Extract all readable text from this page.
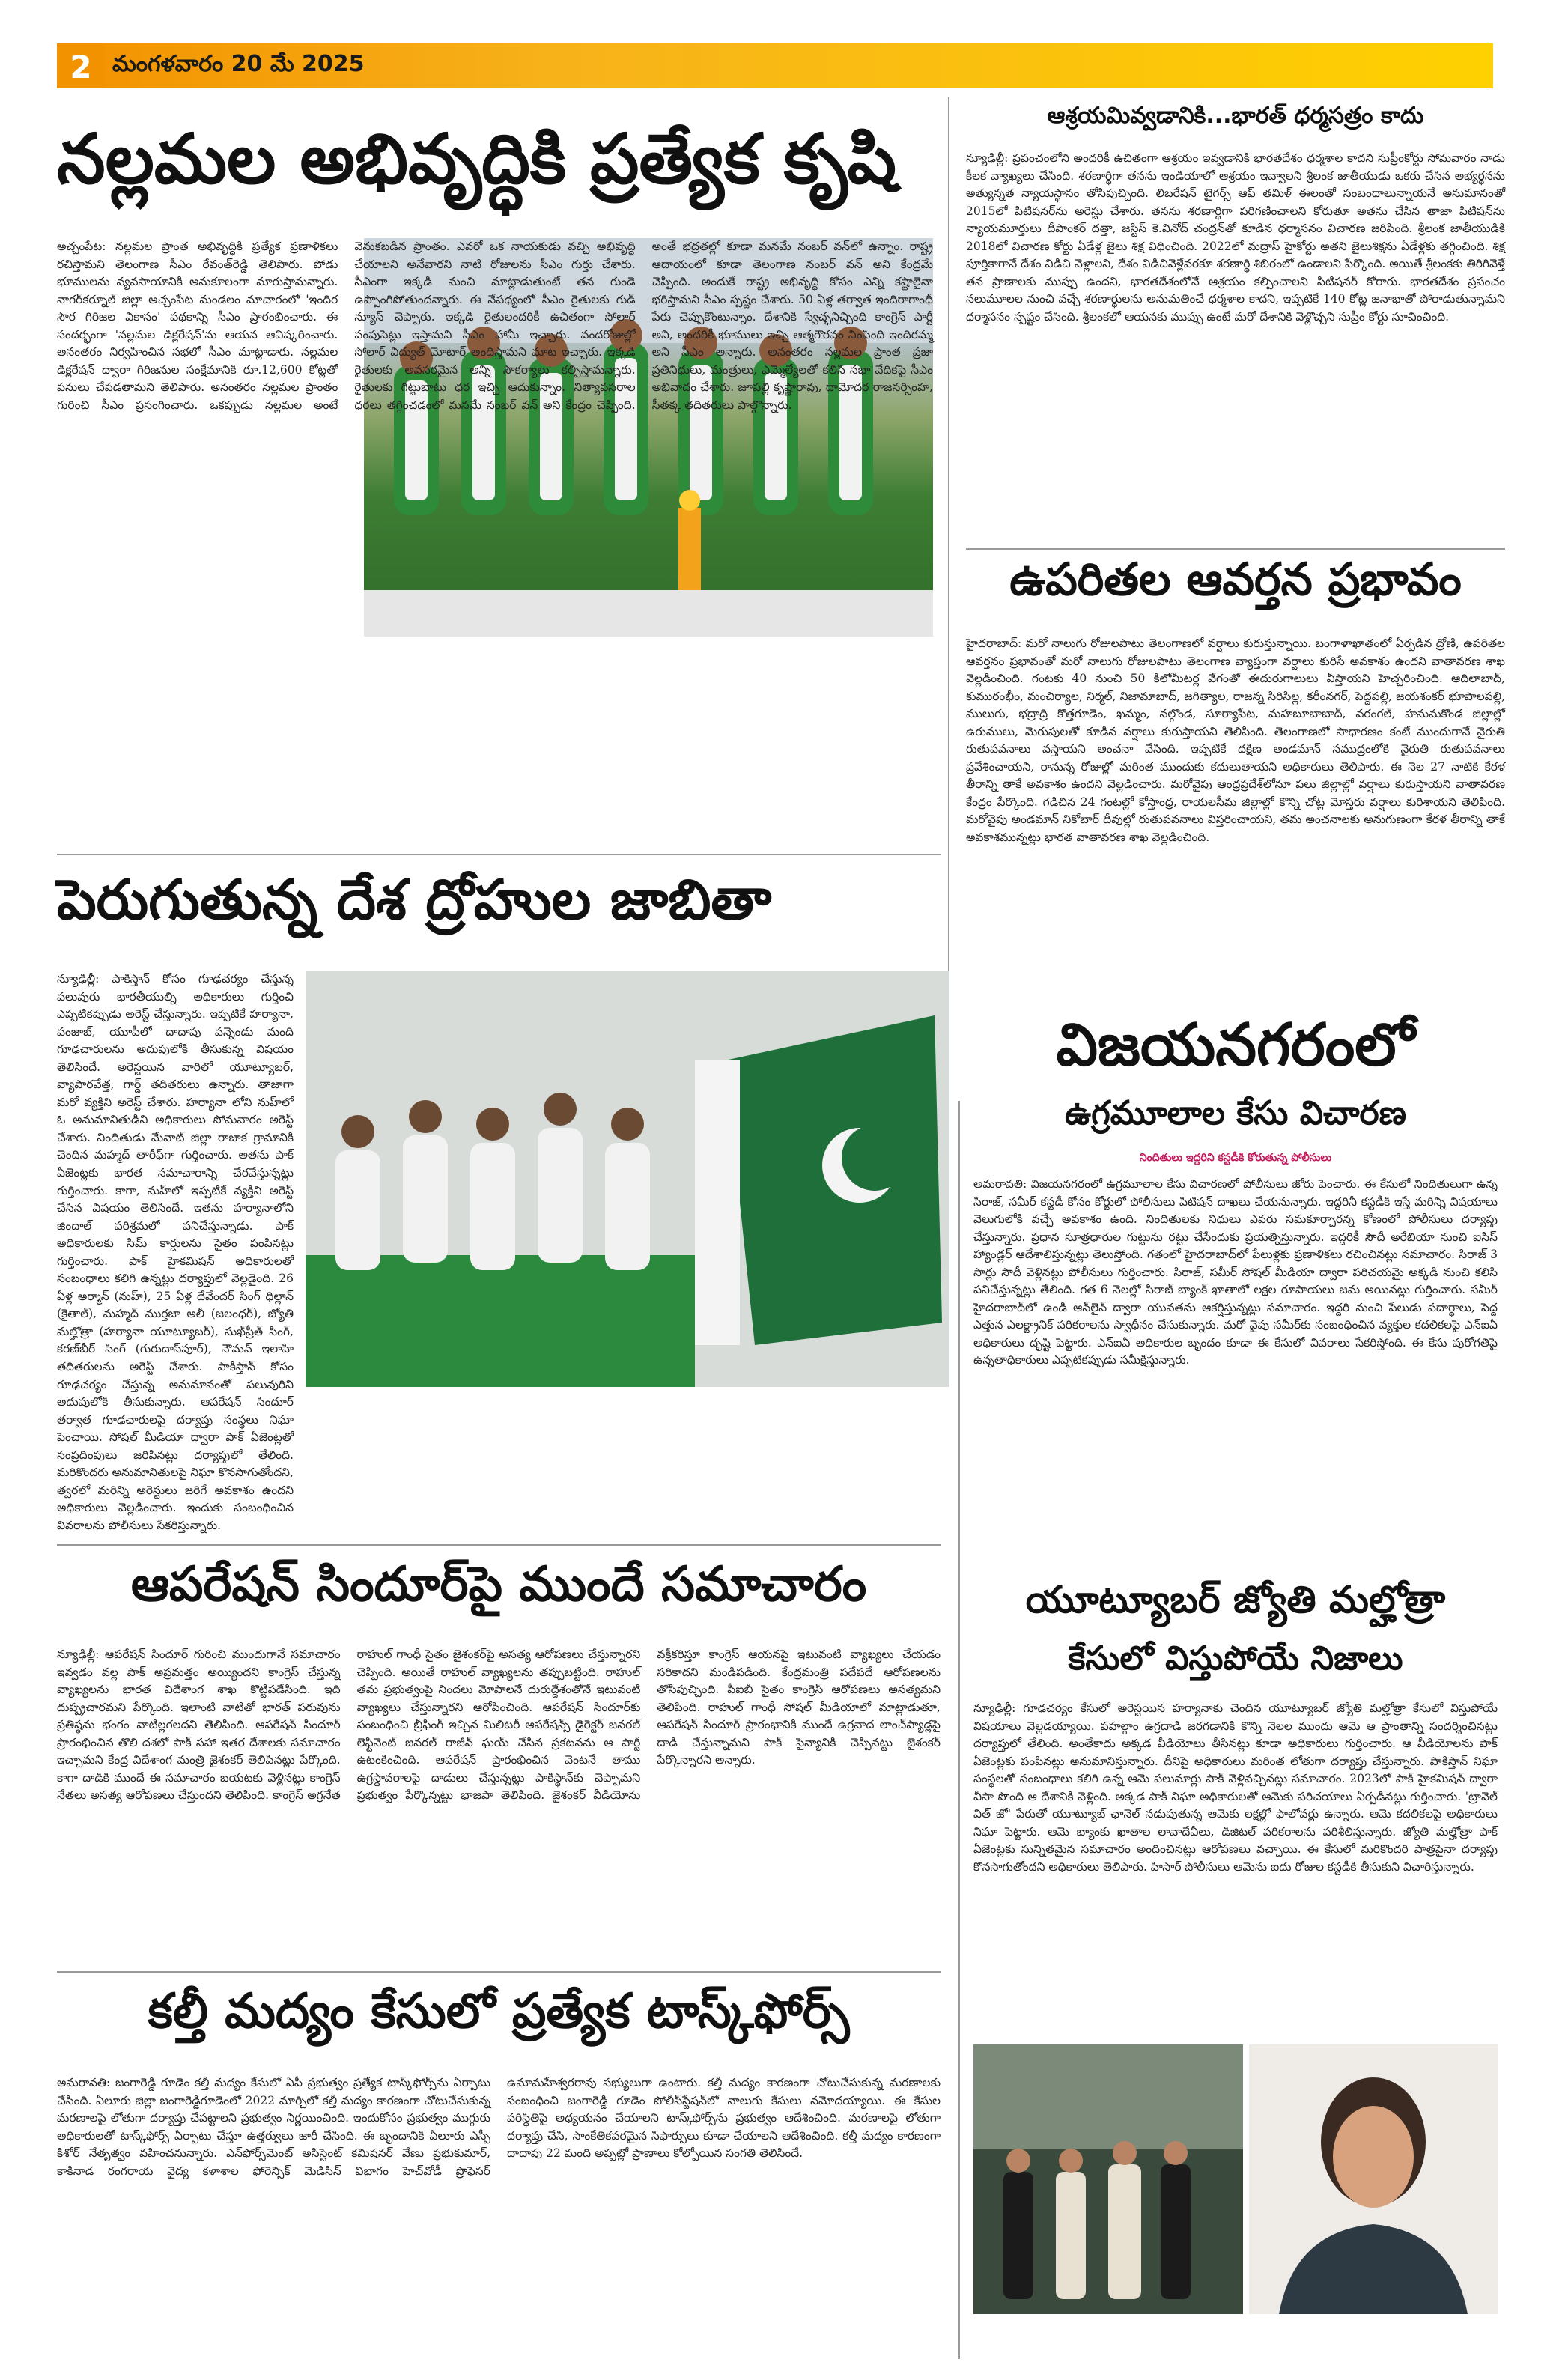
2 మంగళవారం 20 మే 2025
నల్లమల అభివృద్ధికి ప్రత్యేక కృషి
అచ్చంపేట: నల్లమల ప్రాంత అభివృద్ధికి ప్రత్యేక ప్రణాళికలు రచిస్తామని తెలంగాణ సీఎం రేవంత్‌రెడ్డి తెలిపారు. పోడు భూములను వ్యవసాయానికి అనుకూలంగా మారుస్తామన్నారు. నాగర్‌కర్నూల్ జిల్లా అచ్చంపేట మండలం మాచారంలో 'ఇందిర సౌర గిరిజల వికాసం' పథకాన్ని సీఎం ప్రారంభించారు. ఈ సందర్భంగా 'నల్లమల డిక్లరేషన్'ను ఆయన ఆవిష్కరించారు. అనంతరం నిర్వహించిన సభలో సీఎం మాట్లాడారు. నల్లమల డిక్లరేషన్ ద్వారా గిరిజనుల సంక్షేమానికి రూ.12,600 కోట్లతో పనులు చేపడతామని తెలిపారు. అనంతరం నల్లమల ప్రాంతం గురించి సీఎం ప్రసంగించారు. ఒకప్పుడు నల్లమల అంటే వెనుకబడిన ప్రాంతం. ఎవరో ఒక నాయకుడు వచ్చి అభివృద్ధి చేయాలని అనేవారని నాటి రోజులను సీఎం గుర్తు చేశారు. సీఎంగా ఇక్కడి నుంచి మాట్లాడుతుంటే తన గుండె ఉప్పొంగిపోతుందన్నారు. ఈ నేపథ్యంలో సీఎం రైతులకు గుడ్ న్యూస్ చెప్పారు. ఇక్కడి రైతులందరికీ ఉచితంగా సోలార్ పంపుసెట్లు ఇస్తామని సీఎం హామీ ఇచ్చారు. వందరోజుల్లో సోలార్ విద్యుత్ మోటార్ అందిస్తామని మాట ఇచ్చారు. ఇక్కడి రైతులకు అవసరమైన అన్ని సౌకర్యాలు కల్పిస్తామన్నారు. రైతులకు గిట్టుబాటు ధర ఇచ్చి ఆదుకున్నాం. నిత్యావసరాల ధరలు తగ్గించడంలో మనమే నంబర్ వన్ అని కేంద్రం చెప్పింది. అంతే భద్రతల్లో కూడా మనమే నంబర్ వన్‌లో ఉన్నాం. రాష్ట్ర ఆదాయంలో కూడా తెలంగాణ నంబర్ వన్ అని కేంద్రమే చెప్పింది. అందుకే రాష్ట్ర అభివృద్ధి కోసం ఎన్ని కష్టాలైనా భరిస్తామని సీఎం స్పష్టం చేశారు. 50 ఏళ్ల తర్వాత ఇందిరాగాంధీ పేరు చెప్పుకొంటున్నాం. దేశానికి స్వేచ్ఛనిచ్చింది కాంగ్రెస్ పార్టీ అని, అందరికీ భూములు ఇచ్చి ఆత్మగౌరవం నింపింది ఇందిరమ్మ అని సీఎం అన్నారు. అనంతరం నల్లమల ప్రాంత ప్రజా ప్రతినిధులు, మంత్రులు, ఎమ్మెల్యేలతో కలిసి సభా వేదికపై సీఎం అభివాదం చేశారు. జూపల్లి కృష్ణారావు, దామోదర రాజనర్సింహ, సీతక్క తదితరులు పాల్గొన్నారు.
ఆశ్రయమివ్వడానికి...భారత్ ధర్మసత్రం కాదు
న్యూఢిల్లీ: ప్రపంచంలోని అందరికీ ఉచితంగా ఆశ్రయం ఇవ్వడానికి భారతదేశం ధర్మశాల కాదని సుప్రీంకోర్టు సోమవారం నాడు కీలక వ్యాఖ్యలు చేసింది. శరణార్థిగా తనను ఇండియాలో ఆశ్రయం ఇవ్వాలని శ్రీలంక జాతీయుడు ఒకరు చేసిన అభ్యర్థనను అత్యున్నత న్యాయస్థానం తోసిపుచ్చింది. లిబరేషన్ టైగర్స్ ఆఫ్ తమిళ్ ఈలంతో సంబంధాలున్నాయనే అనుమానంతో 2015లో పిటిషనర్‌ను అరెస్టు చేశారు. తనను శరణార్థిగా పరిగణించాలని కోరుతూ అతను చేసిన తాజా పిటిషన్‌ను న్యాయమూర్తులు దీపాంకర్ దత్తా, జస్టిస్ కె.వినోద్ చంద్రన్‌తో కూడిన ధర్మాసనం విచారణ జరిపింది. శ్రీలంక జాతీయుడికి 2018లో విచారణ కోర్టు ఏడేళ్ల జైలు శిక్ష విధించింది. 2022లో మద్రాస్ హైకోర్టు అతని జైలుశిక్షను ఏడేళ్లకు తగ్గించింది. శిక్ష పూర్తికాగానే దేశం విడిచి వెళ్లాలని, దేశం విడిచివెళ్లేవరకూ శరణార్థి శిబిరంలో ఉండాలని పేర్కొంది. అయితే శ్రీలంకకు తిరిగివెళ్తే తన ప్రాణాలకు ముప్పు ఉందని, భారతదేశంలోనే ఆశ్రయం కల్పించాలని పిటిషనర్ కోరారు. భారతదేశం ప్రపంచం నలుమూలల నుంచి వచ్చే శరణార్థులను అనుమతించే ధర్మశాల కాదని, ఇప్పటికే 140 కోట్ల జనాభాతో పోరాడుతున్నామని ధర్మాసనం స్పష్టం చేసింది. శ్రీలంకలో ఆయనకు ముప్పు ఉంటే మరో దేశానికి వెళ్లొచ్చని సుప్రీం కోర్టు సూచించింది.
ఉపరితల ఆవర్తన ప్రభావం
హైదరాబాద్: మరో నాలుగు రోజులపాటు తెలంగాణలో వర్షాలు కురుస్తున్నాయి. బంగాళాఖాతంలో ఏర్పడిన ద్రోణి, ఉపరితల ఆవర్తనం ప్రభావంతో మరో నాలుగు రోజులపాటు తెలంగాణ వ్యాప్తంగా వర్షాలు కురిసే అవకాశం ఉందని వాతావరణ శాఖ వెల్లడించింది. గంటకు 40 నుంచి 50 కిలోమీటర్ల వేగంతో ఈదురుగాలులు వీస్తాయని హెచ్చరించింది. ఆదిలాబాద్, కుమురంభీం, మంచిర్యాల, నిర్మల్, నిజామాబాద్, జగిత్యాల, రాజన్న సిరిసిల్ల, కరీంనగర్, పెద్దపల్లి, జయశంకర్ భూపాలపల్లి, ములుగు, భద్రాద్రి కొత్తగూడెం, ఖమ్మం, నల్గొండ, సూర్యాపేట, మహబూబాబాద్, వరంగల్, హనుమకొండ జిల్లాల్లో ఉరుములు, మెరుపులతో కూడిన వర్షాలు కురుస్తాయని తెలిపింది. తెలంగాణలో సాధారణం కంటే ముందుగానే నైరుతి రుతుపవనాలు వస్తాయని అంచనా వేసింది. ఇప్పటికే దక్షిణ అండమాన్ సముద్రంలోకి నైరుతి రుతుపవనాలు ప్రవేశించాయని, రానున్న రోజుల్లో మరింత ముందుకు కదులుతాయని అధికారులు తెలిపారు. ఈ నెల 27 నాటికి కేరళ తీరాన్ని తాకే అవకాశం ఉందని వెల్లడించారు. మరోవైపు ఆంధ్రప్రదేశ్‌లోనూ పలు జిల్లాల్లో వర్షాలు కురుస్తాయని వాతావరణ కేంద్రం పేర్కొంది. గడిచిన 24 గంటల్లో కోస్తాంధ్ర, రాయలసీమ జిల్లాల్లో కొన్ని చోట్ల మోస్తరు వర్షాలు కురిశాయని తెలిపింది. మరోవైపు అండమాన్ నికోబార్ దీవుల్లో రుతుపవనాలు విస్తరించాయని, తమ అంచనాలకు అనుగుణంగా కేరళ తీరాన్ని తాకే అవకాశమున్నట్లు భారత వాతావరణ శాఖ వెల్లడించింది.
పెరుగుతున్న దేశ ద్రోహుల జాబితా
న్యూఢిల్లీ: పాకిస్తాన్ కోసం గూఢచర్యం చేస్తున్న పలువురు భారతీయుల్ని అధికారులు గుర్తించి ఎప్పటికప్పుడు అరెస్ట్ చేస్తున్నారు. ఇప్పటికే హర్యానా, పంజాబ్, యూపీలో దాదాపు పన్నెండు మంది గూఢచారులను అదుపులోకి తీసుకున్న విషయం తెలిసిందే. అరెస్టయిన వారిలో యూట్యూబర్, వ్యాపారవేత్త, గార్డ్ తదితరులు ఉన్నారు. తాజాగా మరో వ్యక్తిని అరెస్ట్ చేశారు. హర్యానా లోని నుహ్‌లో ఓ అనుమానితుడిని అధికారులు సోమవారం అరెస్ట్ చేశారు. నిందితుడు మేవాట్ జిల్లా రాజాక గ్రామానికి చెందిన మహ్మద్ తారీఫ్‌గా గుర్తించారు. అతను పాక్ ఏజెంట్లకు భారత సమాచారాన్ని చేరవేస్తున్నట్లు గుర్తించారు. కాగా, నుహ్‌లో ఇప్పటికే వ్యక్తిని అరెస్ట్ చేసిన విషయం తెలిసిందే. ఇతను హర్యానాలోని జిందాల్ పరిశ్రమలో పనిచేస్తున్నాడు. పాక్ అధికారులకు సిమ్ కార్డులను సైతం పంపినట్లు గుర్తించారు. పాక్ హైకమిషన్ అధికారులతో సంబంధాలు కలిగి ఉన్నట్లు దర్యాప్తులో వెల్లడైంది. 26 ఏళ్ల అర్మాన్ (నుహ్), 25 ఏళ్ల దేవేందర్ సింగ్ ధిల్లాన్ (కైతాల్), మహ్మద్ ముర్తజా అలీ (జలంధర్), జ్యోతి మల్హోత్రా (హర్యానా యూట్యూబర్), సుఖ్‌ప్రీత్ సింగ్, కరణ్‌బీర్ సింగ్ (గురుదాస్‌పూర్), నౌమన్ ఇలాహి తదితరులను అరెస్ట్ చేశారు. పాకిస్తాన్ కోసం గూఢచర్యం చేస్తున్న అనుమానంతో పలువురిని అదుపులోకి తీసుకున్నారు. ఆపరేషన్ సిందూర్ తర్వాత గూఢచారులపై దర్యాప్తు సంస్థలు నిఘా పెంచాయి. సోషల్ మీడియా ద్వారా పాక్ ఏజెంట్లతో సంప్రదింపులు జరిపినట్లు దర్యాప్తులో తేలింది. మరికొందరు అనుమానితులపై నిఘా కొనసాగుతోందని, త్వరలో మరిన్ని అరెస్టులు జరిగే అవకాశం ఉందని అధికారులు వెల్లడించారు. ఇందుకు సంబంధించిన వివరాలను పోలీసులు సేకరిస్తున్నారు.
విజయనగరంలో
ఉగ్రమూలాల కేసు విచారణ
నిందితులు ఇద్దరిని కస్టడీకి కోరుతున్న పోలీసులు
అమరావతి: విజయనగరంలో ఉగ్రమూలాల కేసు విచారణలో పోలీసులు జోరు పెంచారు. ఈ కేసులో నిందితులుగా ఉన్న సిరాజ్, సమీర్ కస్టడీ కోసం కోర్టులో పోలీసులు పిటిషన్ దాఖలు చేయనున్నారు. ఇద్దరినీ కస్టడీకి ఇస్తే మరిన్ని విషయాలు వెలుగులోకి వచ్చే అవకాశం ఉంది. నిందితులకు నిధులు ఎవరు సమకూర్చారన్న కోణంలో పోలీసులు దర్యాప్తు చేస్తున్నారు. ప్రధాన సూత్రధారుల గుట్టును రట్టు చేసేందుకు ప్రయత్నిస్తున్నారు. ఇద్దరికీ సౌదీ అరేబియా నుంచి ఐసిస్ హ్యాండ్లర్ ఆదేశాలిస్తున్నట్లు తెలుస్తోంది. గతంలో హైదరాబాద్‌లో పేలుళ్లకు ప్రణాళికలు రచించినట్లు సమాచారం. సిరాజ్ 3 సార్లు సౌదీ వెళ్లినట్లు పోలీసులు గుర్తించారు. సిరాజ్, సమీర్ సోషల్ మీడియా ద్వారా పరిచయమై అక్కడి నుంచి కలిసి పనిచేస్తున్నట్లు తేలింది. గత 6 నెలల్లో సిరాజ్ బ్యాంక్ ఖాతాలో లక్షల రూపాయలు జమ అయినట్లు గుర్తించారు. సమీర్ హైదరాబాద్‌లో ఉండి ఆన్‌లైన్ ద్వారా యువతను ఆకర్షిస్తున్నట్లు సమాచారం. ఇద్దరి నుంచి పేలుడు పదార్థాలు, పెద్ద ఎత్తున ఎలక్ట్రానిక్ పరికరాలను స్వాధీనం చేసుకున్నారు. మరో వైపు సమీర్‌కు సంబంధించిన వ్యక్తుల కదలికలపై ఎన్ఐఏ అధికారులు దృష్టి పెట్టారు. ఎన్ఐఏ అధికారుల బృందం కూడా ఈ కేసులో వివరాలు సేకరిస్తోంది. ఈ కేసు పురోగతిపై ఉన్నతాధికారులు ఎప్పటికప్పుడు సమీక్షిస్తున్నారు.
ఆపరేషన్ సిందూర్‌పై ముందే సమాచారం
న్యూఢిల్లీ: ఆపరేషన్ సిందూర్ గురించి ముందుగానే సమాచారం ఇవ్వడం వల్ల పాక్ అప్రమత్తం అయ్యిందని కాంగ్రెస్ చేస్తున్న వ్యాఖ్యలను భారత విదేశాంగ శాఖ కొట్టిపడేసింది. ఇది దుష్ప్రచారమని పేర్కొంది. ఇలాంటి వాటితో భారత్ పరువును ప్రతిష్ఠను భంగం వాటిల్లగలదని తెలిపింది. ఆపరేషన్ సిందూర్ ప్రారంభించిన తొలి దశలో పాక్ సహా ఇతర దేశాలకు సమాచారం ఇచ్చామని కేంద్ర విదేశాంగ మంత్రి జైశంకర్ తెలిపినట్లు పేర్కొంది. కాగా దాడికి ముందే ఈ సమాచారం బయటకు వెళ్లినట్లు కాంగ్రెస్ నేతలు అసత్య ఆరోపణలు చేస్తుందని తెలిపింది. కాంగ్రెస్ అగ్రనేత రాహుల్ గాంధీ సైతం జైశంకర్‌పై అసత్య ఆరోపణలు చేస్తున్నారని చెప్పింది. అయితే రాహుల్ వ్యాఖ్యలను తప్పుబట్టింది. రాహుల్ తమ ప్రభుత్వంపై నిందలు మోపాలనే దురుద్దేశంతోనే ఇటువంటి వ్యాఖ్యలు చేస్తున్నారని ఆరోపించింది. ఆపరేషన్ సిందూర్‌కు సంబంధించి బ్రీఫింగ్ ఇచ్చిన మిలిటరీ ఆపరేషన్స్ డైరెక్టర్ జనరల్ లెఫ్టినెంట్ జనరల్ రాజీవ్ ఘయ్ చేసిన ప్రకటనను ఆ పార్టీ ఉటంకించింది. ఆపరేషన్ ప్రారంభించిన వెంటనే తాము ఉగ్రస్థావరాలపై దాడులు చేస్తున్నట్లు పాకిస్థాన్‌కు చెప్పామని ప్రభుత్వం పేర్కొన్నట్టు భాజపా తెలిపింది. జైశంకర్ వీడియోను వక్రీకరిస్తూ కాంగ్రెస్ ఆయనపై ఇటువంటి వ్యాఖ్యలు చేయడం సరికాదని మండిపడింది. కేంద్రమంత్రి పదేపదే ఆరోపణలను తోసిపుచ్చింది. పీఐబీ సైతం కాంగ్రెస్ ఆరోపణలు అసత్యమని తెలిపింది. రాహుల్ గాంధీ సోషల్ మీడియాలో మాట్లాడుతూ, ఆపరేషన్ సిందూర్ ప్రారంభానికి ముందే ఉగ్రవాద లాంచ్‌ప్యాడ్లపై దాడి చేస్తున్నామని పాక్ సైన్యానికి చెప్పినట్టు జైశంకర్ పేర్కొన్నారని అన్నారు.
యూట్యూబర్ జ్యోతి మల్హోత్రా
కేసులో విస్తుపోయే నిజాలు
న్యూఢిల్లీ: గూఢచర్యం కేసులో అరెస్టయిన హర్యానాకు చెందిన యూట్యూబర్ జ్యోతి మల్హోత్రా కేసులో విస్తుపోయే విషయాలు వెల్లడయ్యాయి. పహల్గాం ఉగ్రదాడి జరగడానికి కొన్ని నెలల ముందు ఆమె ఆ ప్రాంతాన్ని సందర్శించినట్లు దర్యాప్తులో తేలింది. అంతేకాదు అక్కడ వీడియోలు తీసినట్లు కూడా అధికారులు గుర్తించారు. ఆ వీడియోలను పాక్ ఏజెంట్లకు పంపినట్లు అనుమానిస్తున్నారు. దీనిపై అధికారులు మరింత లోతుగా దర్యాప్తు చేస్తున్నారు. పాకిస్తాన్‌ నిఘా సంస్థలతో సంబంధాలు కలిగి ఉన్న ఆమె పలుమార్లు పాక్ వెళ్లివచ్చినట్లు సమాచారం. 2023లో పాక్ హైకమిషన్‌ ద్వారా వీసా పొంది ఆ దేశానికి వెళ్లింది. అక్కడ పాక్ నిఘా అధికారులతో ఆమెకు పరిచయాలు ఏర్పడినట్లు గుర్తించారు. 'ట్రావెల్ విత్ జో' పేరుతో యూట్యూబ్ ఛానెల్ నడుపుతున్న ఆమెకు లక్షల్లో ఫాలోవర్లు ఉన్నారు. ఆమె కదలికలపై అధికారులు నిఘా పెట్టారు. ఆమె బ్యాంకు ఖాతాల లావాదేవీలు, డిజిటల్ పరికరాలను పరిశీలిస్తున్నారు. జ్యోతి మల్హోత్రా పాక్ ఏజెంట్లకు సున్నితమైన సమాచారం అందించినట్లు ఆరోపణలు వచ్చాయి. ఈ కేసులో మరికొందరి పాత్రపైనా దర్యాప్తు కొనసాగుతోందని అధికారులు తెలిపారు. హిసార్ పోలీసులు ఆమెను ఐదు రోజుల కస్టడీకి తీసుకుని విచారిస్తున్నారు.
కల్తీ మద్యం కేసులో ప్రత్యేక టాస్క్‌ఫోర్స్
అమరావతి: జంగారెడ్డి గూడెం కల్తీ మద్యం కేసులో ఏపీ ప్రభుత్వం ప్రత్యేక టాస్క్‌ఫోర్స్‌ను ఏర్పాటు చేసింది. ఏలూరు జిల్లా జంగారెడ్డిగూడెంలో 2022 మార్చిలో కల్తీ మద్యం కారణంగా చోటుచేసుకున్న మరణాలపై లోతుగా దర్యాప్తు చేపట్టాలని ప్రభుత్వం నిర్ణయించింది. ఇందుకోసం ప్రభుత్వం ముగ్గురు అధికారులతో టాస్క్‌ఫోర్స్ ఏర్పాటు చేస్తూ ఉత్తర్వులు జారీ చేసింది. ఈ బృందానికి ఏలూరు ఎస్పీ కిశోర్ నేతృత్వం వహించనున్నారు. ఎన్‌ఫోర్స్‌మెంట్ అసిస్టెంట్ కమిషనర్ వేణు ప్రభుకుమార్, కాకినాడ రంగరాయ వైద్య కళాశాల ఫోరెన్సిక్ మెడిసిన్ విభాగం హెచ్‌వోడీ ప్రొఫెసర్ ఉమామహేశ్వరరావు సభ్యులుగా ఉంటారు. కల్తీ మద్యం కారణంగా చోటుచేసుకున్న మరణాలకు సంబంధించి జంగారెడ్డి గూడెం పోలీస్‌స్టేషన్‌లో నాలుగు కేసులు నమోదయ్యాయి. ఈ కేసుల పరిస్థితిపై అధ్యయనం చేయాలని టాస్క్‌ఫోర్స్‌ను ప్రభుత్వం ఆదేశించింది. మరణాలపై లోతుగా దర్యాప్తు చేసి, సాంకేతికపరమైన సిఫార్సులు కూడా చేయాలని ఆదేశించింది. కల్తీ మద్యం కారణంగా దాదాపు 22 మంది అప్పట్లో ప్రాణాలు కోల్పోయిన సంగతి తెలిసిందే.
